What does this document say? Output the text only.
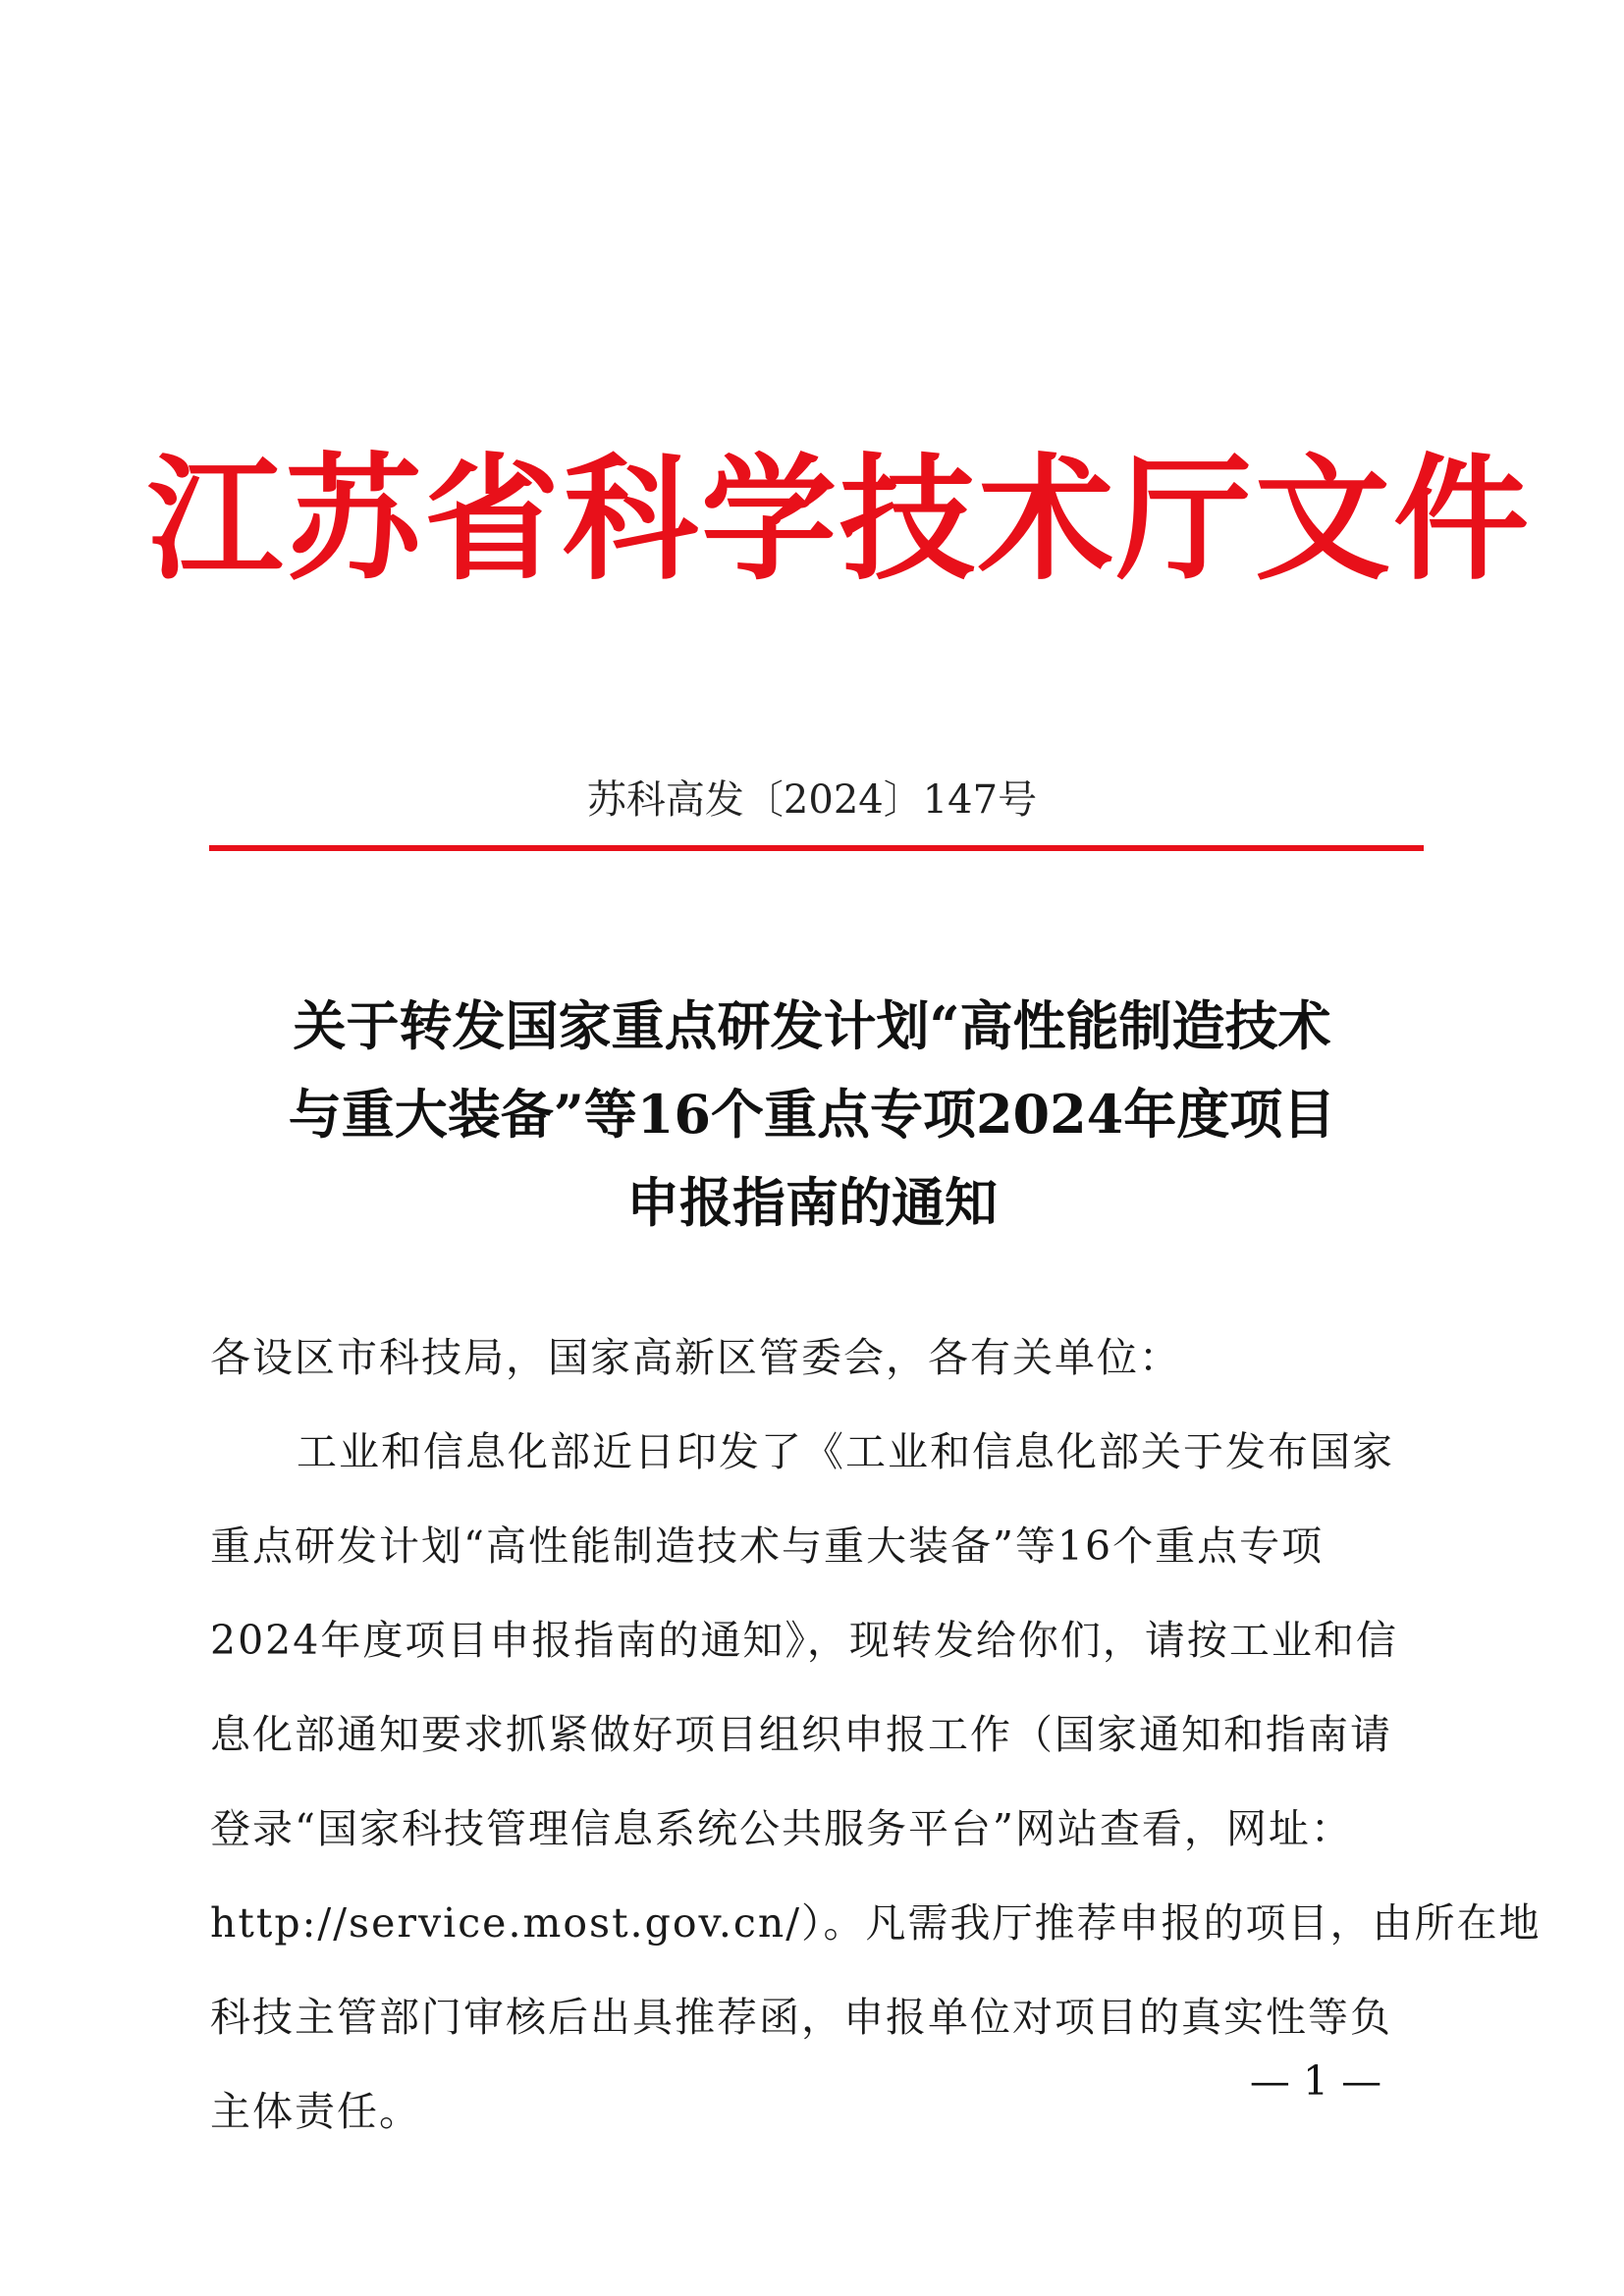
江苏省科学技术厅文件
苏科高发〔2024〕147号
关于转发国家重点研发计划“高性能制造技术
与重大装备”等16个重点专项2024年度项目
申报指南的通知
各设区市科技局，国家高新区管委会，各有关单位：
工业和信息化部近日印发了《工业和信息化部关于发布国家
重点研发计划“高性能制造技术与重大装备”等16个重点专项
2024年度项目申报指南的通知》，现转发给你们，请按工业和信
息化部通知要求抓紧做好项目组织申报工作（国家通知和指南请
登录“国家科技管理信息系统公共服务平台”网站查看，网址：
http://service.most.gov.cn/）。凡需我厅推荐申报的项目，由所在地
科技主管部门审核后出具推荐函，申报单位对项目的真实性等负
主体责任。
— 1 —
